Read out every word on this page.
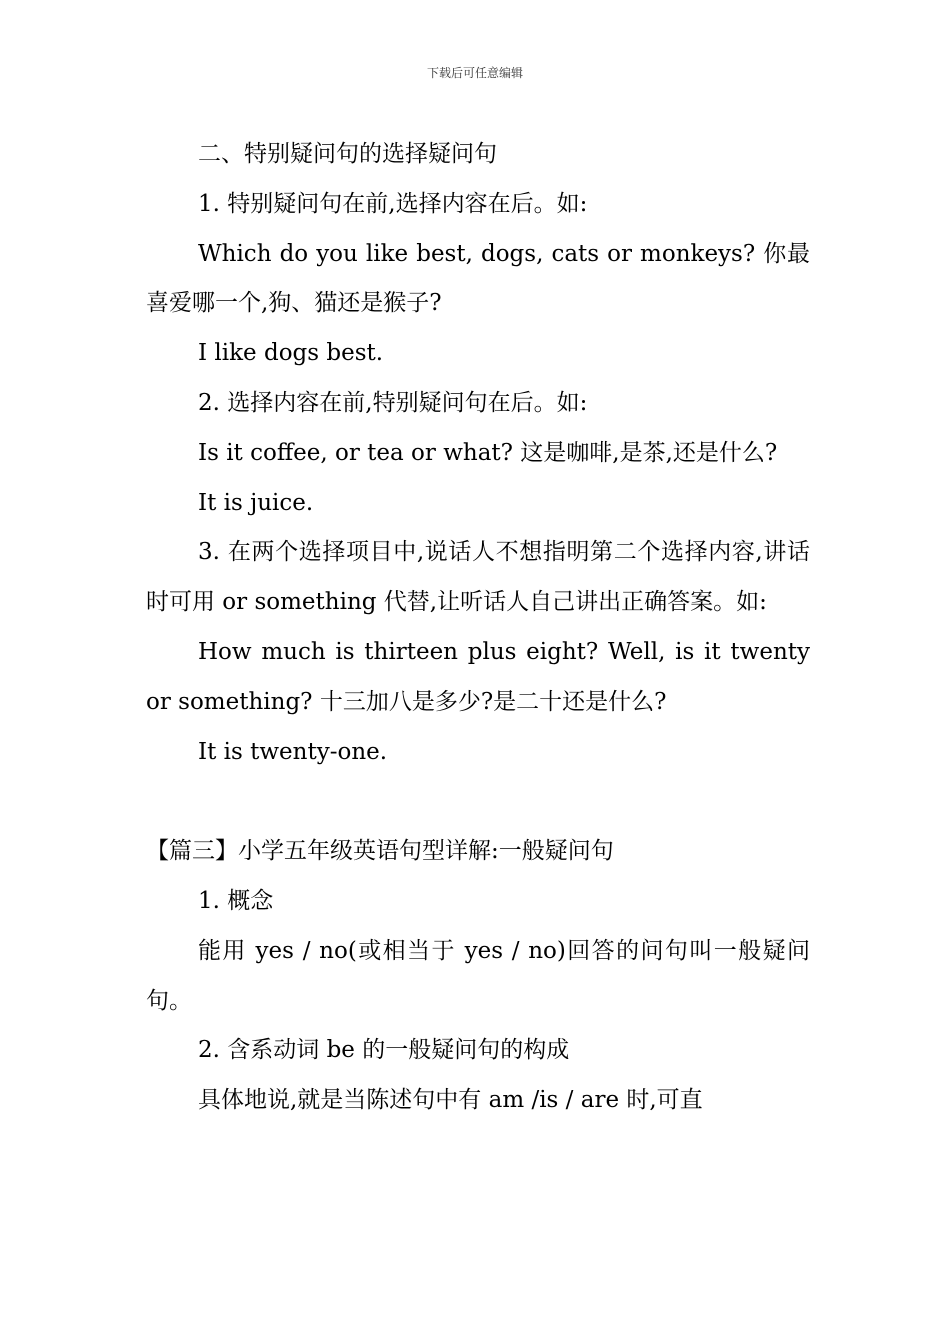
下载后可任意编辑

二、特别疑问句的选择疑问句

1. 特别疑问句在前,选择内容在后。如:

Which do you like best, dogs, cats or monkeys? 你最喜爱哪一个,狗、猫还是猴子?

I like dogs best.

2. 选择内容在前,特别疑问句在后。如:

Is it coffee, or tea or what? 这是咖啡,是茶,还是什么?

It is juice.

3. 在两个选择项目中,说话人不想指明第二个选择内容,讲话时可用 or something 代替,让听话人自己讲出正确答案。如:

How much is thirteen plus eight? Well, is it twenty or something? 十三加八是多少?是二十还是什么?

It is twenty-one.

【篇三】小学五年级英语句型详解:一般疑问句

1. 概念

能用 yes / no(或相当于 yes / no)回答的问句叫一般疑问句。

2. 含系动词 be 的一般疑问句的构成

具体地说,就是当陈述句中有 am /is / are 时,可直
